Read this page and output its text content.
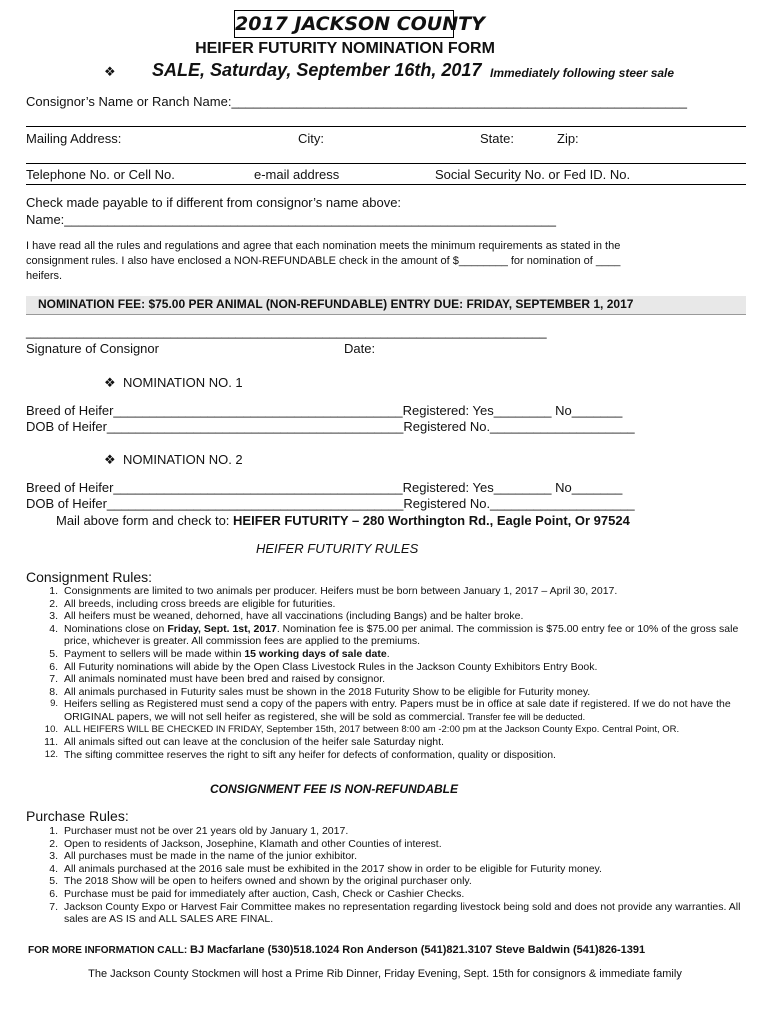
2017 JACKSON COUNTY
HEIFER FUTURITY NOMINATION FORM
❖ SALE, Saturday, September 16th, 2017 Immediately following steer sale
Consignor’s Name or Ranch Name:_______________________________________________________________
Mailing Address:	City:	State:	Zip:
Telephone No. or Cell No.	e-mail address	Social Security No. or Fed ID. No.
Check made payable to if different from consignor’s name above:
Name:____________________________________________________________________
I have read all the rules and regulations and agree that each nomination meets the minimum requirements as stated in the
consignment rules. I also have enclosed a NON-REFUNDABLE check in the amount of $________ for nomination of ____
heifers.
NOMINATION FEE: $75.00 PER ANIMAL (NON-REFUNDABLE) ENTRY DUE: FRIDAY, SEPTEMBER 1, 2017
________________________________________________________________________
Signature of Consignor	Date:
❖ NOMINATION NO. 1
Breed of Heifer________________________________________Registered: Yes________ No_______
DOB of Heifer_________________________________________Registered No.____________________
❖ NOMINATION NO. 2
Breed of Heifer________________________________________Registered: Yes________ No_______
DOB of Heifer_________________________________________Registered No.____________________
Mail above form and check to: HEIFER FUTURITY – 280 Worthington Rd., Eagle Point, Or 97524
HEIFER FUTURITY RULES
Consignment Rules:
1. Consignments are limited to two animals per producer. Heifers must be born between January 1, 2017 – April 30, 2017.
2. All breeds, including cross breeds are eligible for futurities.
3. All heifers must be weaned, dehorned, have all vaccinations (including Bangs) and be halter broke.
4. Nominations close on Friday, Sept. 1st, 2017. Nomination fee is $75.00 per animal. The commission is $75.00 entry fee or 10% of the gross sale price, whichever is greater. All commission fees are applied to the premiums.
5. Payment to sellers will be made within 15 working days of sale date.
6. All Futurity nominations will abide by the Open Class Livestock Rules in the Jackson County Exhibitors Entry Book.
7. All animals nominated must have been bred and raised by consignor.
8. All animals purchased in Futurity sales must be shown in the 2018 Futurity Show to be eligible for Futurity money.
9. Heifers selling as Registered must send a copy of the papers with entry. Papers must be in office at sale date if registered. If we do not have the ORIGINAL papers, we will not sell heifer as registered, she will be sold as commercial. Transfer fee will be deducted.
10. ALL HEIFERS WILL BE CHECKED IN FRIDAY, September 15th, 2017 between 8:00 am -2:00 pm at the Jackson County Expo. Central Point, OR.
11. All animals sifted out can leave at the conclusion of the heifer sale Saturday night.
12. The sifting committee reserves the right to sift any heifer for defects of conformation, quality or disposition.
CONSIGNMENT FEE IS NON-REFUNDABLE
Purchase Rules:
1. Purchaser must not be over 21 years old by January 1, 2017.
2. Open to residents of Jackson, Josephine, Klamath and other Counties of interest.
3. All purchases must be made in the name of the junior exhibitor.
4. All animals purchased at the 2016 sale must be exhibited in the 2017 show in order to be eligible for Futurity money.
5. The 2018 Show will be open to heifers owned and shown by the original purchaser only.
6. Purchase must be paid for immediately after auction, Cash, Check or Cashier Checks.
7. Jackson County Expo or Harvest Fair Committee makes no representation regarding livestock being sold and does not provide any warranties. All sales are AS IS and ALL SALES ARE FINAL.
FOR MORE INFORMATION CALL: BJ Macfarlane (530)518.1024 Ron Anderson (541)821.3107 Steve Baldwin (541)826-1391
The Jackson County Stockmen will host a Prime Rib Dinner, Friday Evening, Sept. 15th for consignors & immediate family
